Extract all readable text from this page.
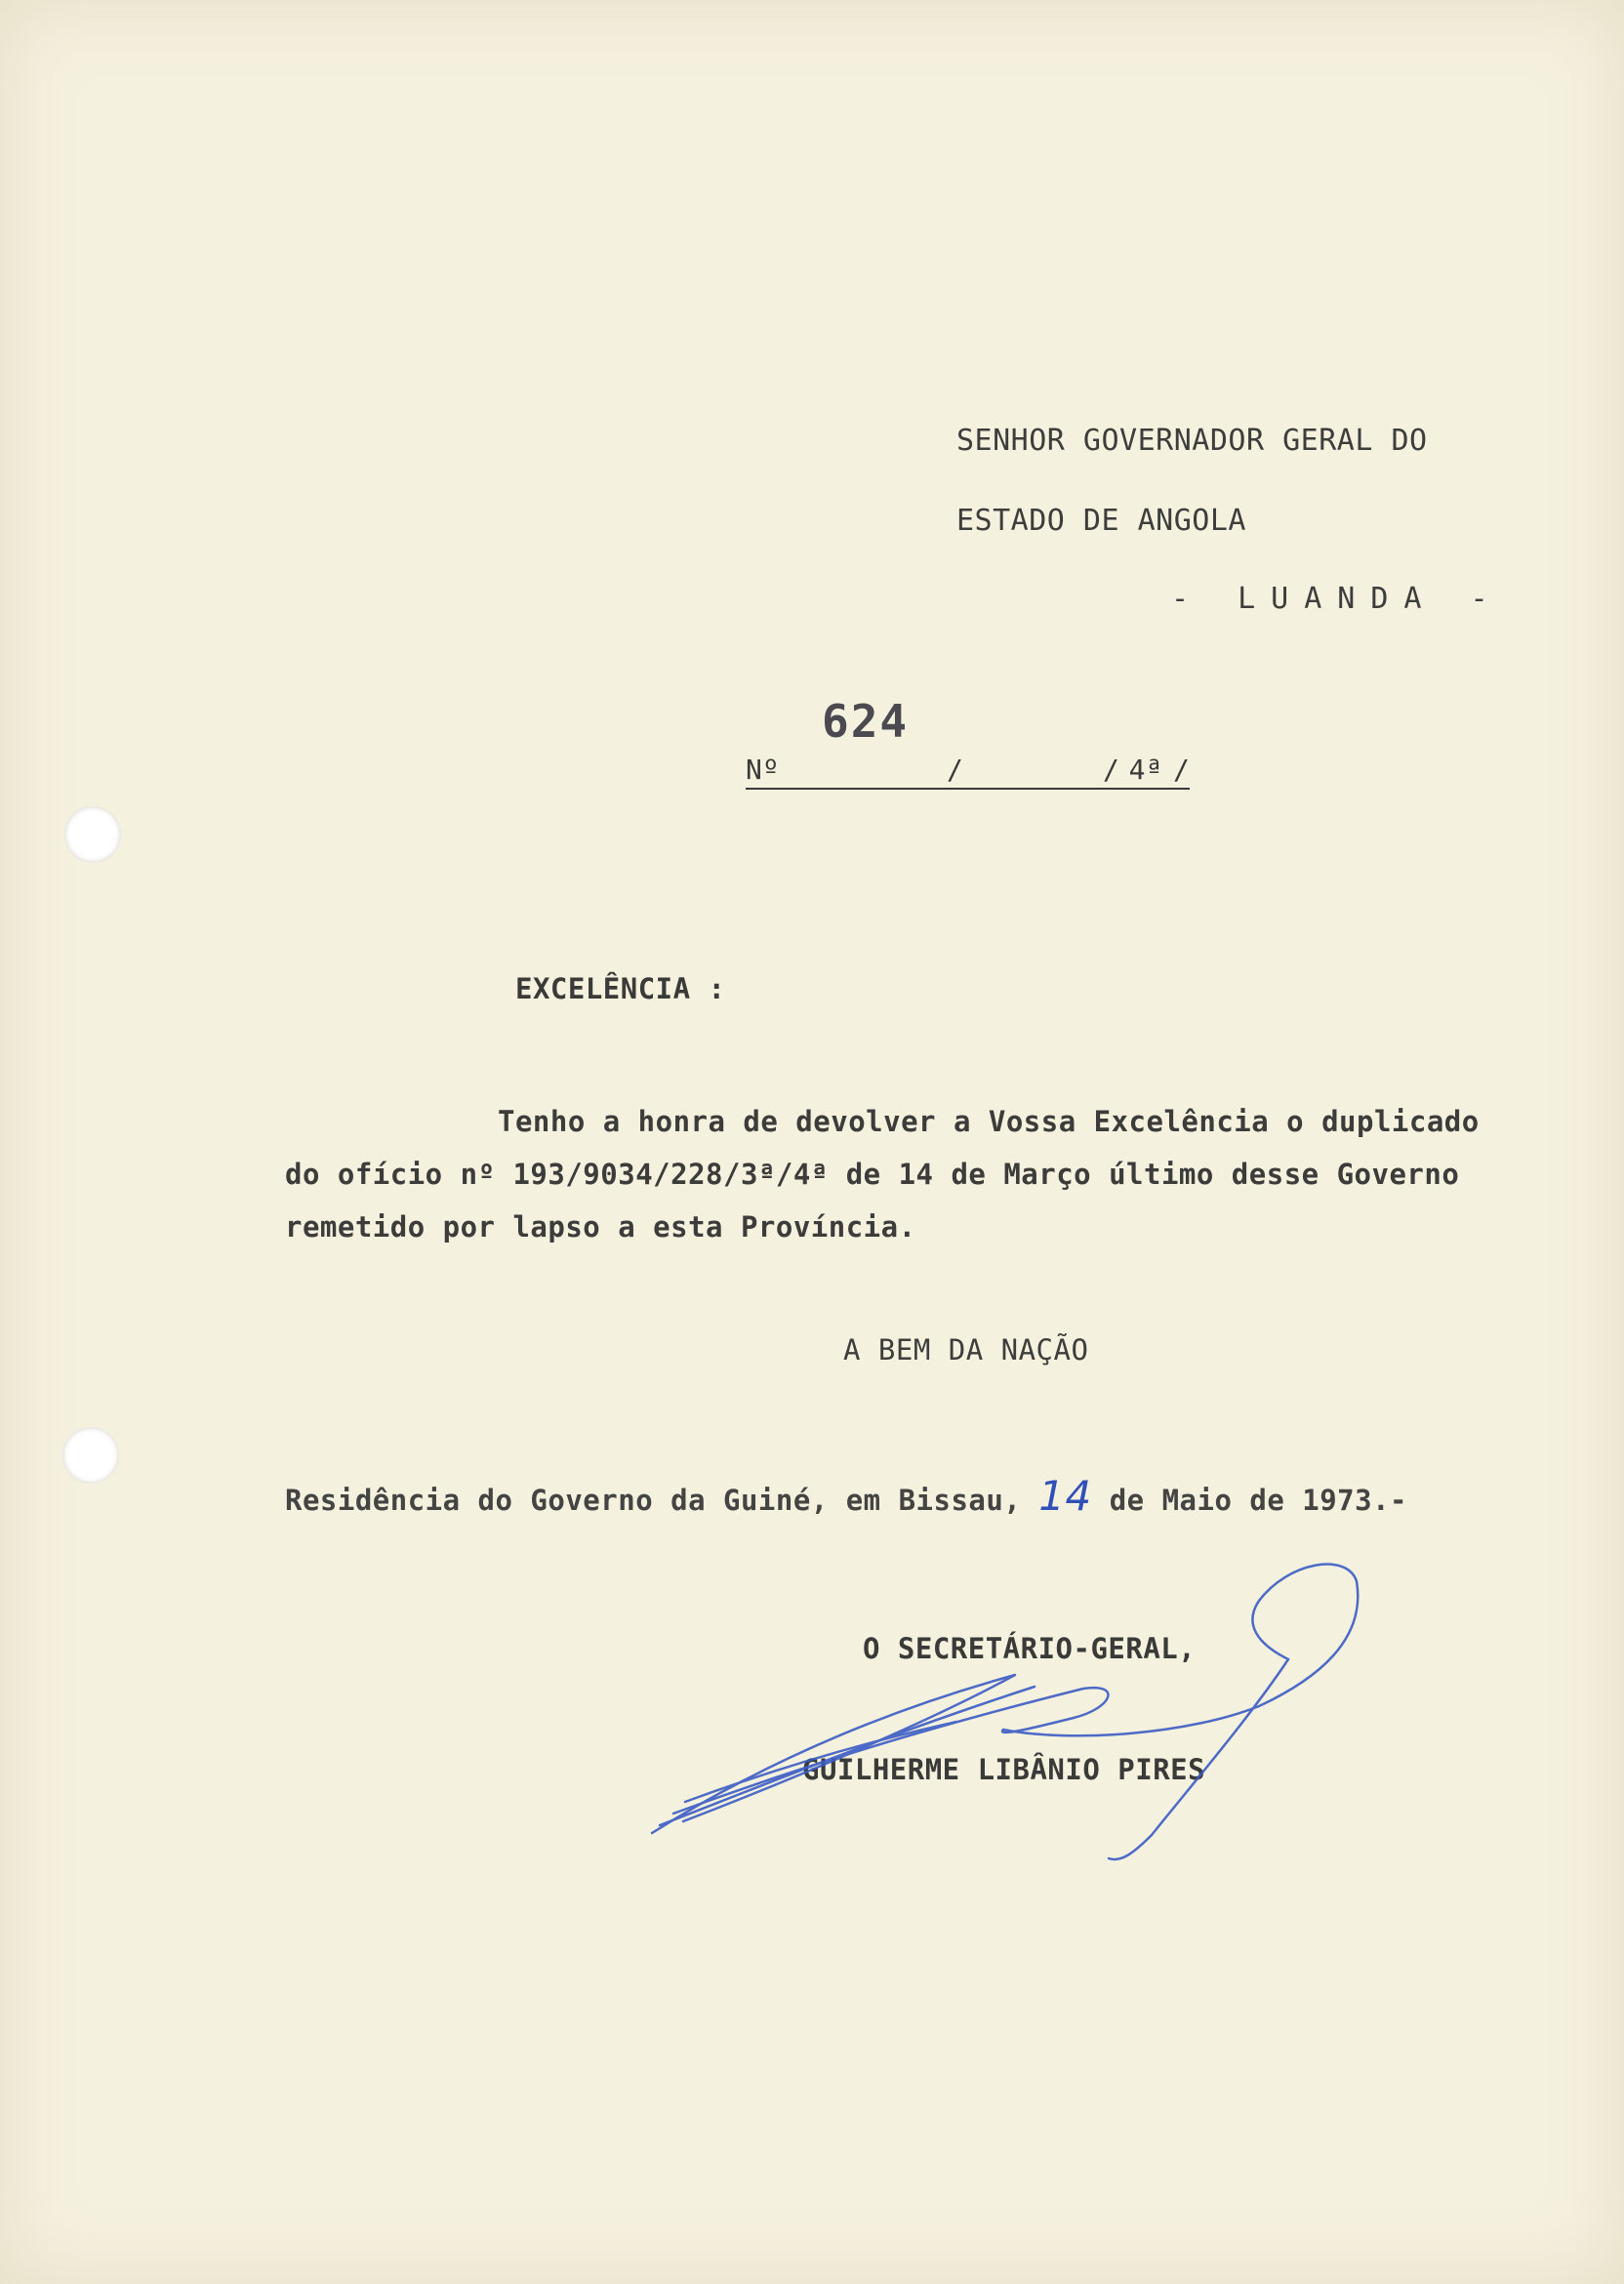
SENHOR GOVERNADOR GERAL DO
ESTADO DE ANGOLA
- LUANDA -
624
Nº	/	/ 4ª /
EXCELÊNCIA :
Tenho a honra de devolver a Vossa Excelência o duplicado
do ofício nº 193/9034/228/3ª/4ª de 14 de Março último desse Governo
remetido por lapso a esta Província.
A BEM DA NAÇÃO
Residência do Governo da Guiné, em Bissau, 14 de Maio de 1973.-
O SECRETÁRIO-GERAL,
GUILHERME LIBÂNIO PIRES
